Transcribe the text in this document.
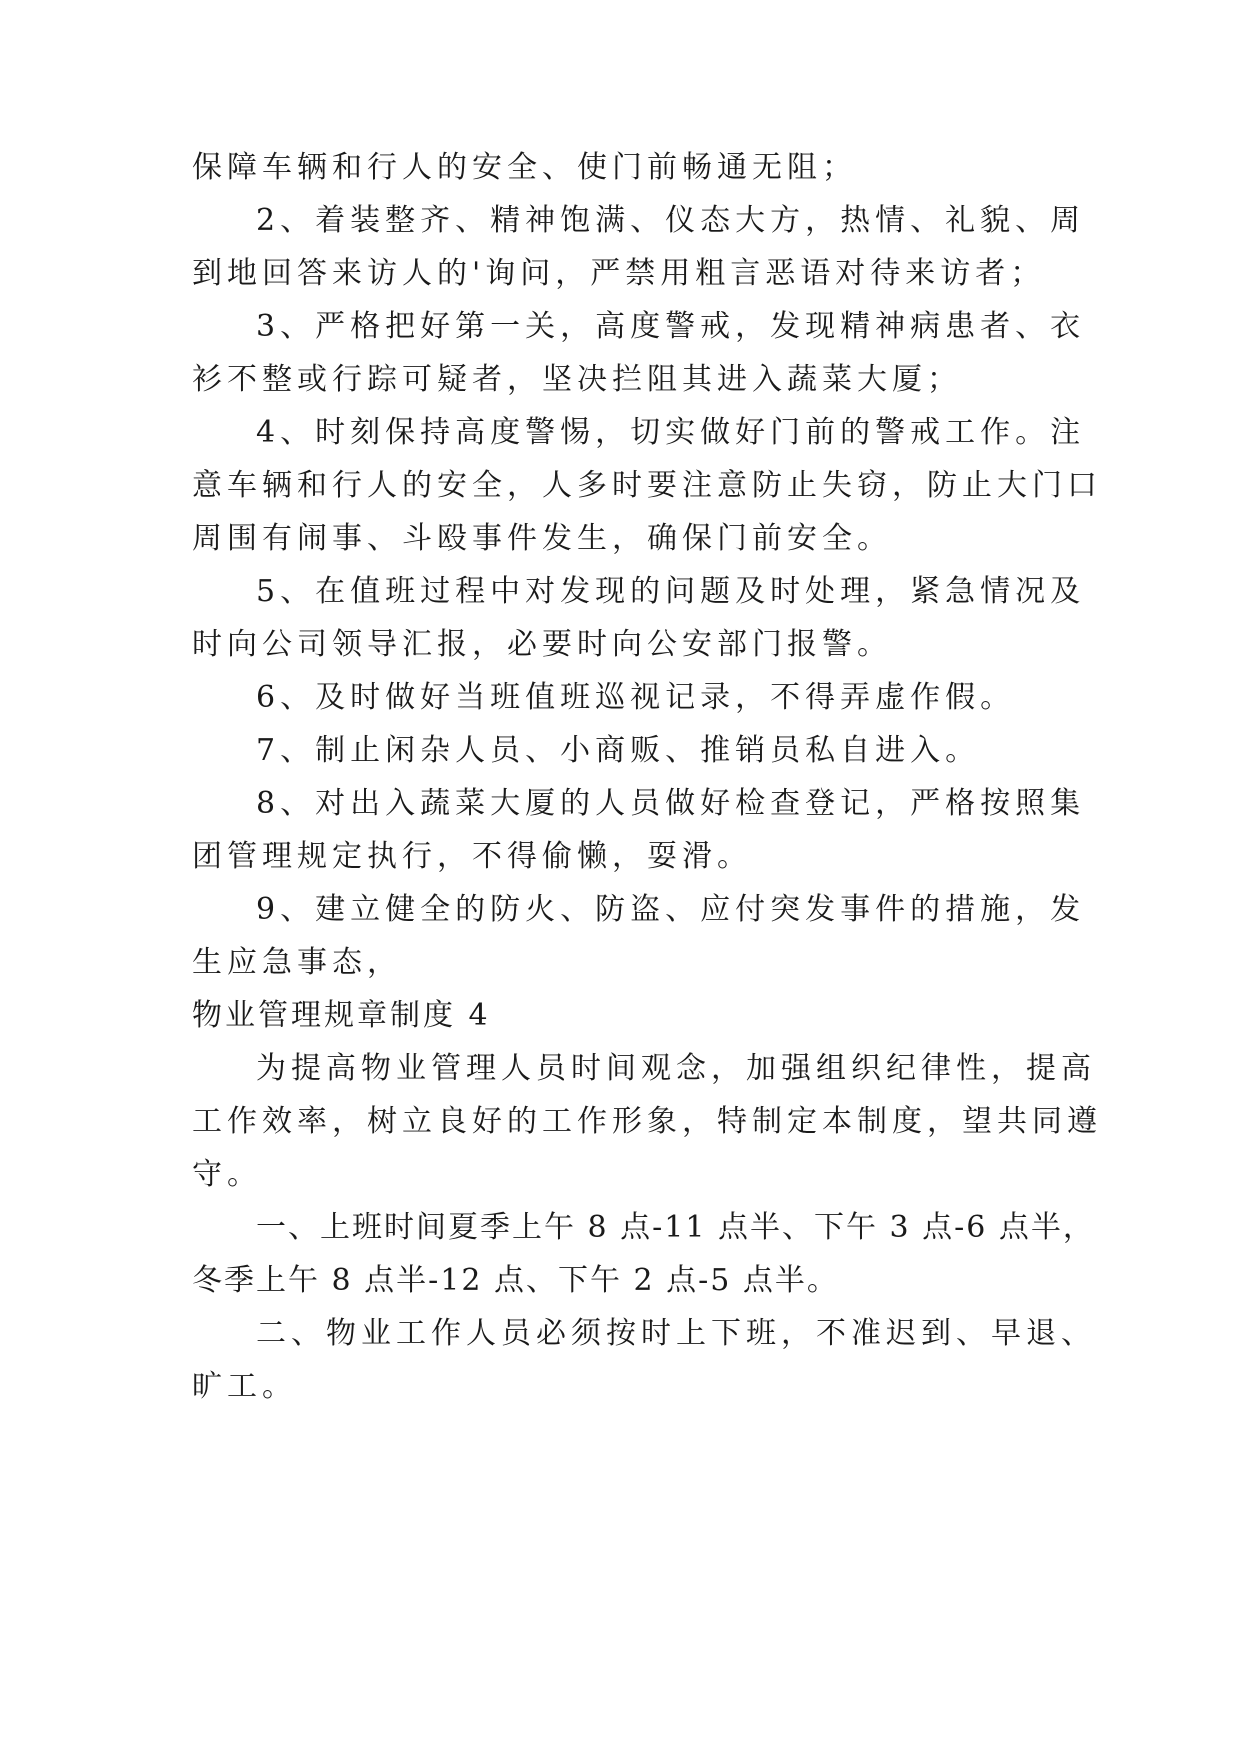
保障车辆和行人的安全、使门前畅通无阻；
2、着装整齐、精神饱满、仪态大方，热情、礼貌、周
到地回答来访人的'询问，严禁用粗言恶语对待来访者；
3、严格把好第一关，高度警戒，发现精神病患者、衣
衫不整或行踪可疑者，坚决拦阻其进入蔬菜大厦；
4、时刻保持高度警惕，切实做好门前的警戒工作。注
意车辆和行人的安全，人多时要注意防止失窃，防止大门口
周围有闹事、斗殴事件发生，确保门前安全。
5、在值班过程中对发现的问题及时处理，紧急情况及
时向公司领导汇报，必要时向公安部门报警。
6、及时做好当班值班巡视记录，不得弄虚作假。
7、制止闲杂人员、小商贩、推销员私自进入。
8、对出入蔬菜大厦的人员做好检查登记，严格按照集
团管理规定执行，不得偷懒，耍滑。
9、建立健全的防火、防盗、应付突发事件的措施，发
生应急事态，
物业管理规章制度 4
为提高物业管理人员时间观念，加强组织纪律性，提高
工作效率，树立良好的工作形象，特制定本制度，望共同遵
守。
一、上班时间夏季上午 8 点-11 点半、下午 3 点-6 点半，
冬季上午 8 点半-12 点、下午 2 点-5 点半。
二、物业工作人员必须按时上下班，不准迟到、早退、
旷工。
